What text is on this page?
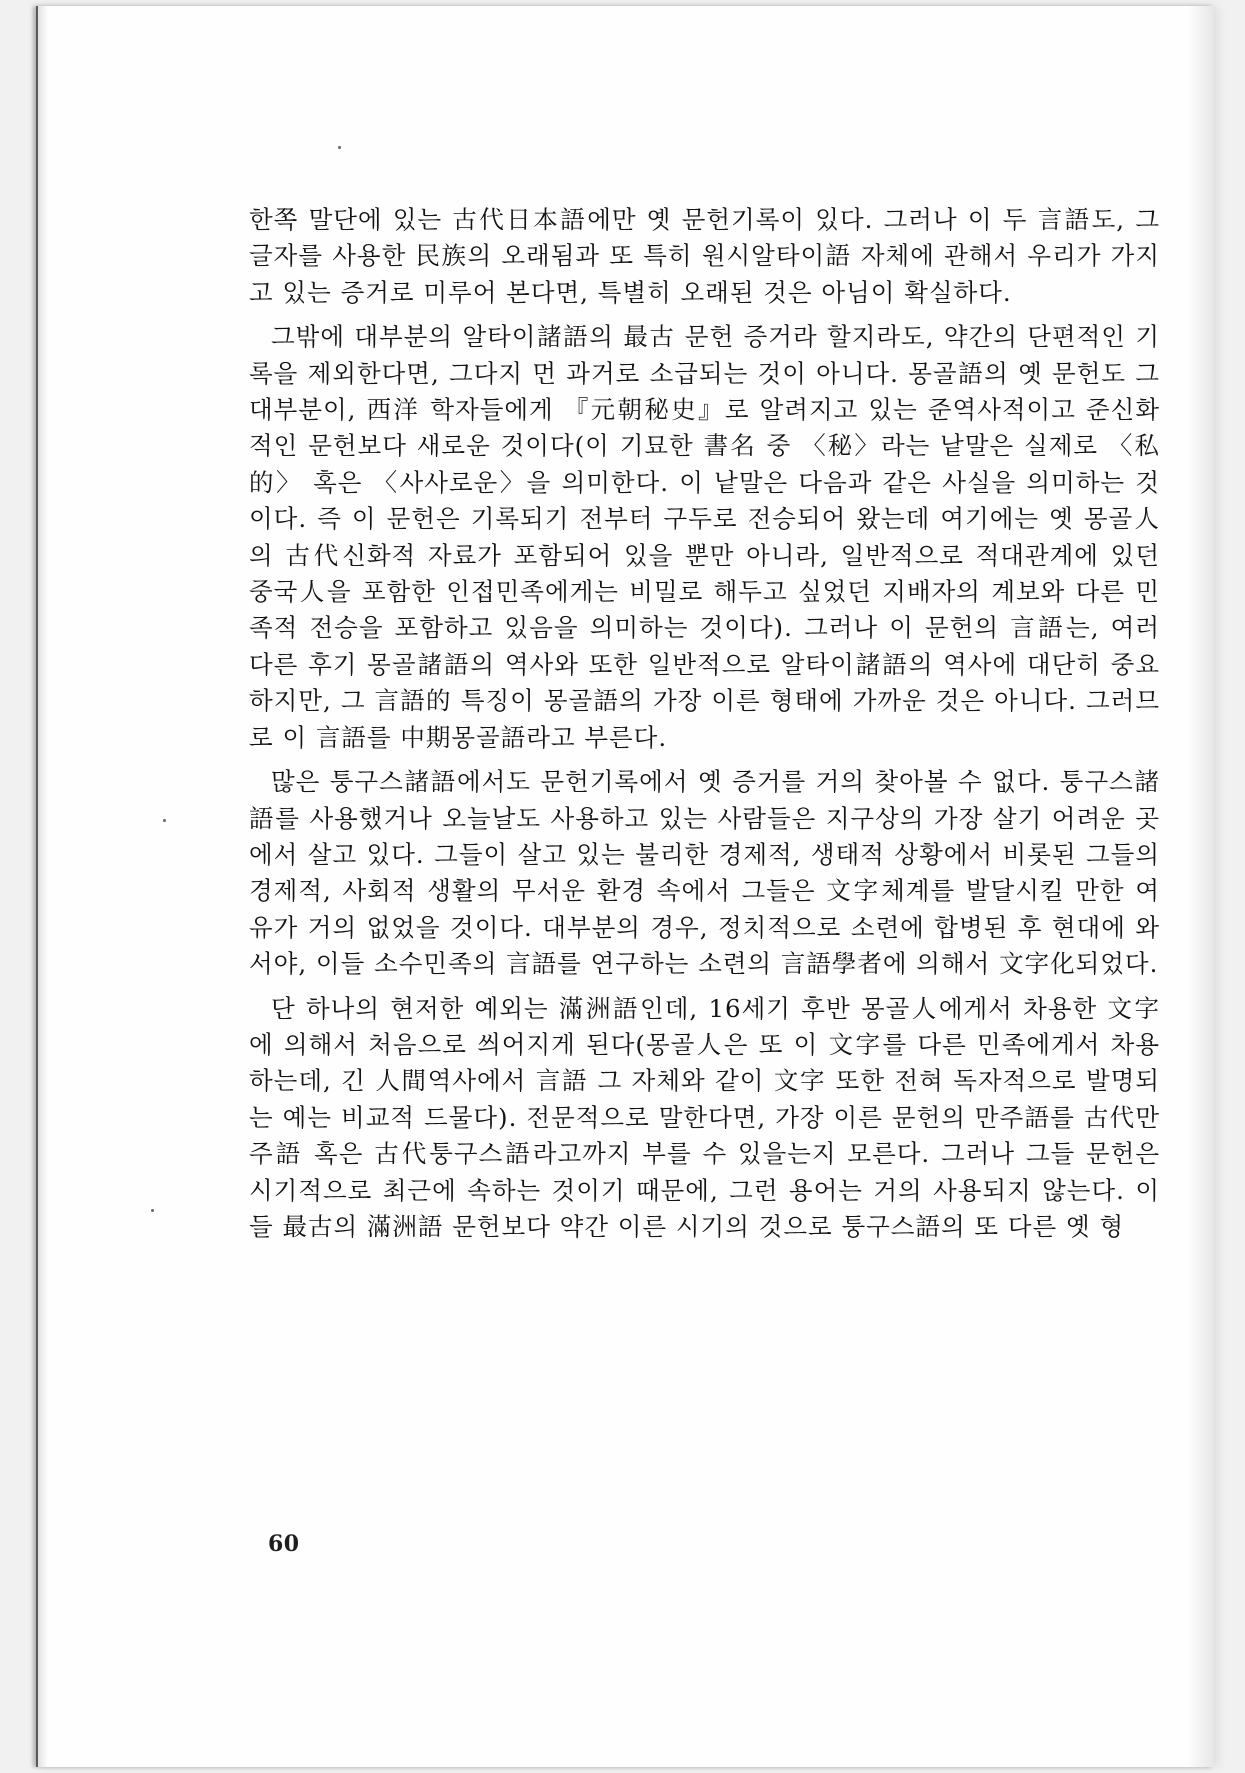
한쪽 말단에 있는 古代日本語에만 옛 문헌기록이 있다. 그러나 이 두 言語도, 그 글자를 사용한 民族의 오래됨과 또 특히 원시알타이語 자체에 관해서 우리가 가지고 있는 증거로 미루어 본다면, 특별히 오래된 것은 아님이 확실하다.

그밖에 대부분의 알타이諸語의 最古 문헌 증거라 할지라도, 약간의 단편적인 기록을 제외한다면, 그다지 먼 과거로 소급되는 것이 아니다. 몽골語의 옛 문헌도 그 대부분이, 西洋 학자들에게 『元朝秘史』로 알려지고 있는 준역사적이고 준신화적인 문헌보다 새로운 것이다(이 기묘한 書名 중 〈秘〉라는 낱말은 실제로 〈私的〉 혹은 〈사사로운〉을 의미한다. 이 낱말은 다음과 같은 사실을 의미하는 것이다. 즉 이 문헌은 기록되기 전부터 구두로 전승되어 왔는데 여기에는 옛 몽골人의 古代신화적 자료가 포함되어 있을 뿐만 아니라, 일반적으로 적대관계에 있던 중국人을 포함한 인접민족에게는 비밀로 해두고 싶었던 지배자의 계보와 다른 민족적 전승을 포함하고 있음을 의미하는 것이다). 그러나 이 문헌의 言語는, 여러 다른 후기 몽골諸語의 역사와 또한 일반적으로 알타이諸語의 역사에 대단히 중요하지만, 그 言語的 특징이 몽골語의 가장 이른 형태에 가까운 것은 아니다. 그러므로 이 言語를 中期몽골語라고 부른다.

많은 퉁구스諸語에서도 문헌기록에서 옛 증거를 거의 찾아볼 수 없다. 퉁구스諸語를 사용했거나 오늘날도 사용하고 있는 사람들은 지구상의 가장 살기 어려운 곳에서 살고 있다. 그들이 살고 있는 불리한 경제적, 생태적 상황에서 비롯된 그들의 경제적, 사회적 생활의 무서운 환경 속에서 그들은 文字체계를 발달시킬 만한 여유가 거의 없었을 것이다. 대부분의 경우, 정치적으로 소련에 합병된 후 현대에 와서야, 이들 소수민족의 言語를 연구하는 소련의 言語學者에 의해서 文字化되었다.

단 하나의 현저한 예외는 滿洲語인데, 16세기 후반 몽골人에게서 차용한 文字에 의해서 처음으로 씌어지게 된다(몽골人은 또 이 文字를 다른 민족에게서 차용하는데, 긴 人間역사에서 言語 그 자체와 같이 文字 또한 전혀 독자적으로 발명되는 예는 비교적 드물다). 전문적으로 말한다면, 가장 이른 문헌의 만주語를 古代만주語 혹은 古代퉁구스語라고까지 부를 수 있을는지 모른다. 그러나 그들 문헌은 시기적으로 최근에 속하는 것이기 때문에, 그런 용어는 거의 사용되지 않는다. 이들 最古의 滿洲語 문헌보다 약간 이른 시기의 것으로 퉁구스語의 또 다른 옛 형

60
